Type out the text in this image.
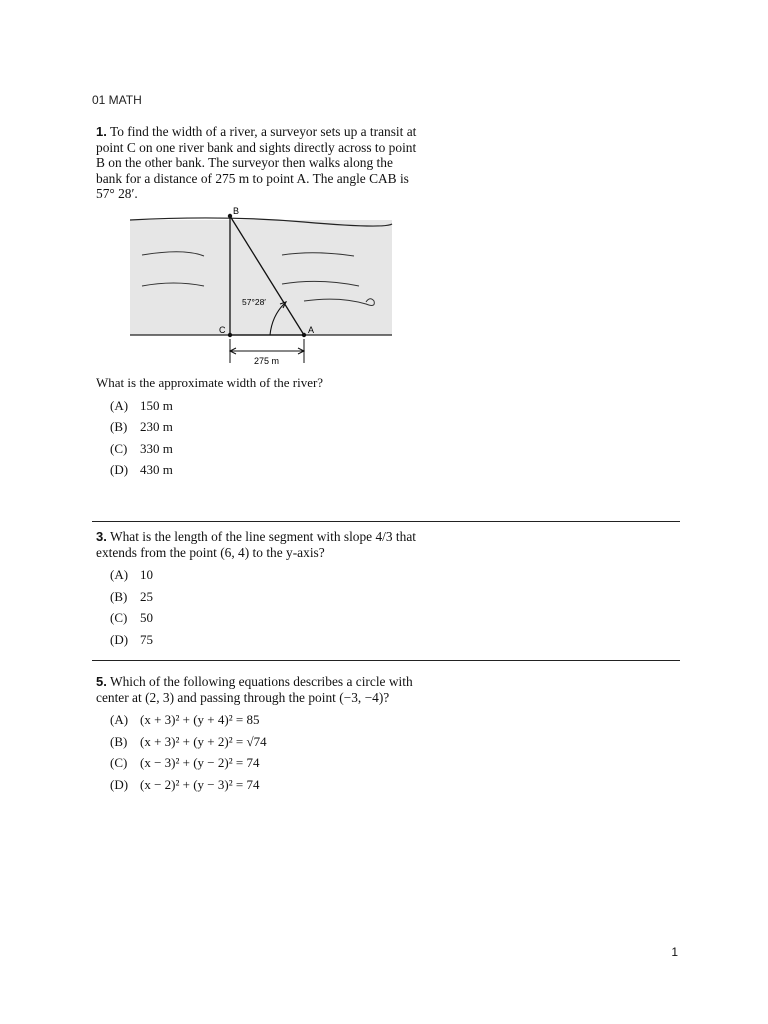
01 MATH

1. To find the width of a river, a surveyor sets up a transit at point C on one river bank and sights directly across to point B on the other bank. The surveyor then walks along the bank for a distance of 275 m to point A. The angle CAB is 57° 28′.

B
C	A
57°28′
275 m

What is the approximate width of the river?

(A) 150 m
(B) 230 m
(C) 330 m
(D) 430 m

3. What is the length of the line segment with slope 4/3 that extends from the point (6, 4) to the y-axis?

(A) 10
(B) 25
(C) 50
(D) 75

5. Which of the following equations describes a circle with center at (2, 3) and passing through the point (−3, −4)?

(A) (x + 3)² + (y + 4)² = 85
(B) (x + 3)² + (y + 2)² = √74
(C) (x − 3)² + (y − 2)² = 74
(D) (x − 2)² + (y − 3)² = 74
1
